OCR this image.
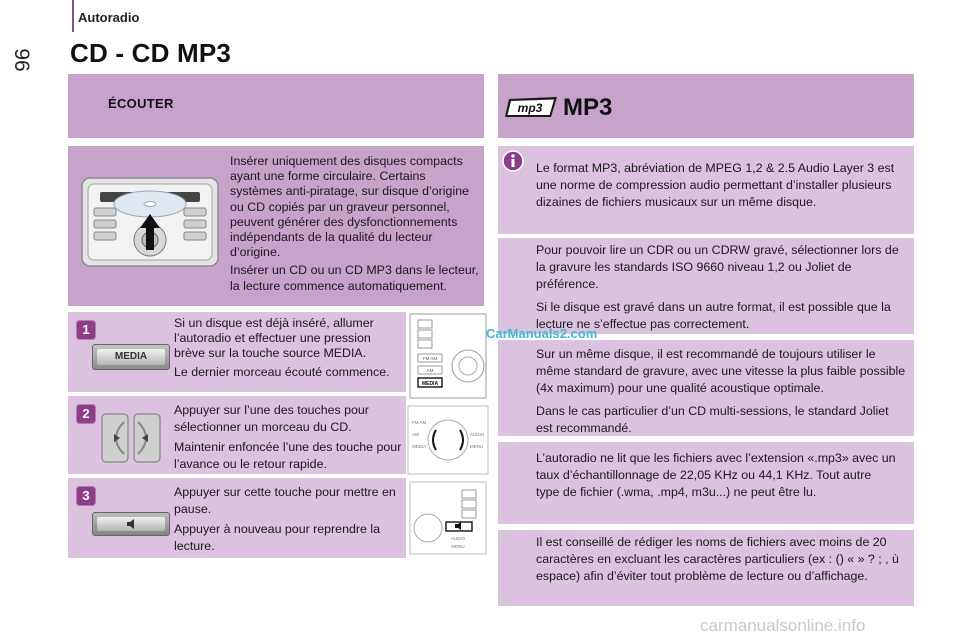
Autoradio
96 CD - CD MP3
ÉCOUTER

Insérer uniquement des disques compacts ayant une forme circulaire. Certains systèmes anti-piratage, sur disque d’origine ou CD copiés par un graveur personnel, peuvent générer des dysfonctionnements indépendants de la qualité du lecteur d’origine.

Insérer un CD ou un CD MP3 dans le lecteur, la lecture commence automatiquement.

1
MEDIA

Si un disque est déjà inséré, allumer l’autoradio et effectuer une pression brève sur la touche source MEDIA.

Le dernier morceau écouté commence.

FM AM
AM
MEDIA
2	Appuyer sur l’une des touches pour sélectionner un morceau du CD.

Maintenir enfoncée l’une des touche pour l’avance ou le retour rapide.

FM AM
AM
MEDIA
AUDIO
MENU
3	Appuyer sur cette touche pour mettre en pause.

Appuyer à nouveau pour reprendre la lecture.

AUDIO
MENU
mp3 MP3
Le format MP3, abréviation de MPEG 1,2 & 2.5 Audio Layer 3 est une norme de compression audio permettant d’installer plusieurs dizaines de fichiers musicaux sur un même disque.

Pour pouvoir lire un CDR ou un CDRW gravé, sélectionner lors de la gravure les standards ISO 9660 niveau 1,2 ou Joliet de préférence.

Si le disque est gravé dans un autre format, il est possible que la lecture ne s’effectue pas correctement.

Sur un même disque, il est recommandé de toujours utiliser le même standard de gravure, avec une vitesse la plus faible possible (4x maximum) pour une qualité acoustique optimale.

Dans le cas particulier d’un CD multi-sessions, le standard Joliet est recommandé.

L’autoradio ne lit que les fichiers avec l’extension «.mp3» avec un taux d’échantillonnage de 22,05 KHz ou 44,1 KHz. Tout autre type de fichier (.wma, .mp4, m3u...) ne peut être lu.

Il est conseillé de rédiger les noms de fichiers avec moins de 20 caractères en excluant les caractères particuliers (ex : () « » ? ; , ù espace) afin d’éviter tout problème de lecture ou d’affichage.

CarManuals2.com
carmanualsonline.info
